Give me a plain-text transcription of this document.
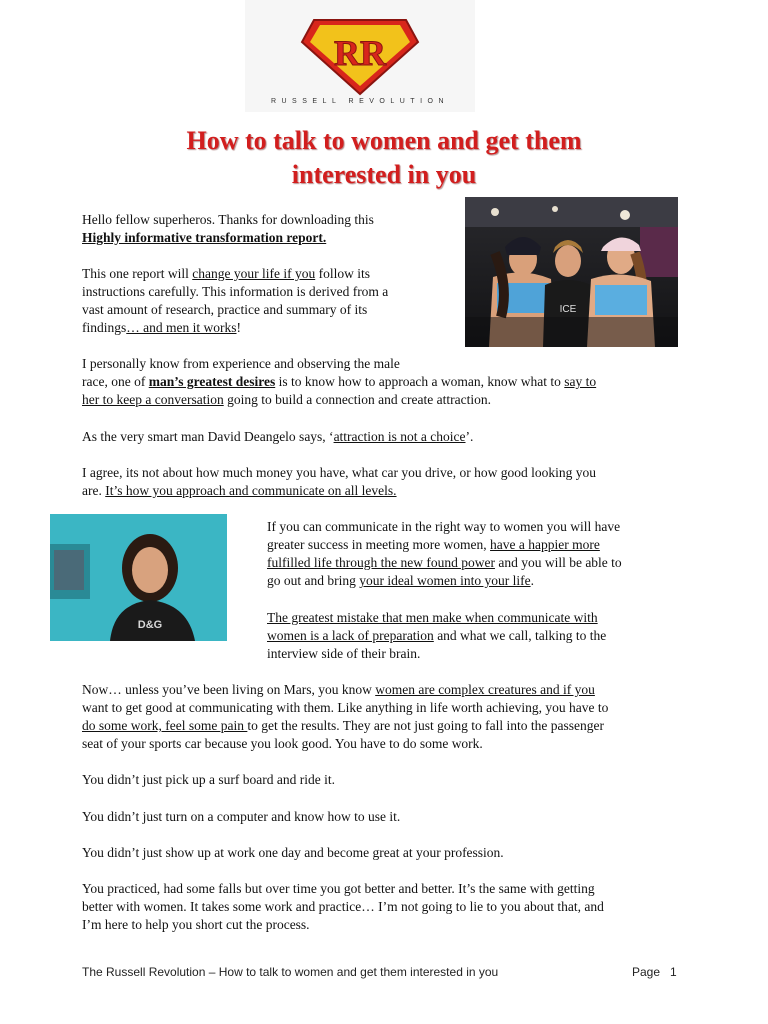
RR
RUSSELL REVOLUTION
How to talk to women and get them
interested in you

Hello fellow superheros. Thanks for downloading this

Highly informative transformation report.

This one report will change your life if you follow its

instructions carefully. This information is derived from a

vast amount of research, practice and summary of its

findings… and men it works!

ICE

I personally know from experience and observing the male

race, one of man’s greatest desires is to know how to approach a woman, know what to say to

her to keep a conversation going to build a connection and create attraction.

As the very smart man David Deangelo says, ‘attraction is not a choice’.

I agree, its not about how much money you have, what car you drive, or how good looking you

are. It’s how you approach and communicate on all levels.

D&G

If you can communicate in the right way to women you will have

greater success in meeting more women, have a happier more

fulfilled life through the new found power and you will be able to

go out and bring your ideal women into your life.

The greatest mistake that men make when communicate with

women is a lack of preparation and what we call, talking to the

interview side of their brain.

Now… unless you’ve been living on Mars, you know women are complex creatures and if you

want to get good at communicating with them. Like anything in life worth achieving, you have to

do some work, feel some pain to get the results. They are not just going to fall into the passenger

seat of your sports car because you look good. You have to do some work.

You didn’t just pick up a surf board and ride it.

You didn’t just turn on a computer and know how to use it.

You didn’t just show up at work one day and become great at your profession.

You practiced, had some falls but over time you got better and better. It’s the same with getting

better with women. It takes some work and practice… I’m not going to lie to you about that, and

I’m here to help you short cut the process.

The Russell Revolution – How to talk to women and get them interested in you	Page 1
